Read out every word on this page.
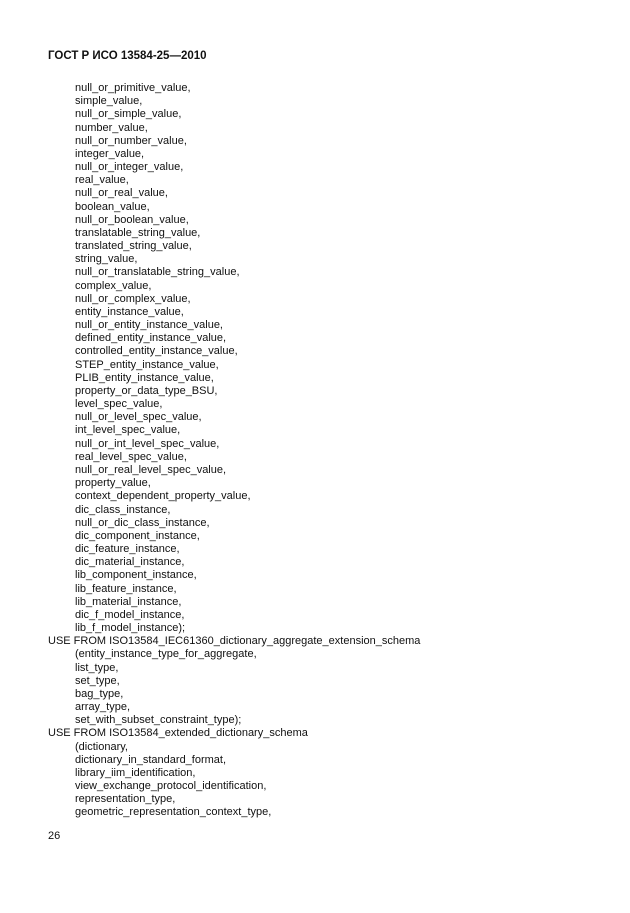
ГОСТ Р ИСО 13584-25—2010
null_or_primitive_value,
simple_value,
null_or_simple_value,
number_value,
null_or_number_value,
integer_value,
null_or_integer_value,
real_value,
null_or_real_value,
boolean_value,
null_or_boolean_value,
translatable_string_value,
translated_string_value,
string_value,
null_or_translatable_string_value,
complex_value,
null_or_complex_value,
entity_instance_value,
null_or_entity_instance_value,
defined_entity_instance_value,
controlled_entity_instance_value,
STEP_entity_instance_value,
PLIB_entity_instance_value,
property_or_data_type_BSU,
level_spec_value,
null_or_level_spec_value,
int_level_spec_value,
null_or_int_level_spec_value,
real_level_spec_value,
null_or_real_level_spec_value,
property_value,
context_dependent_property_value,
dic_class_instance,
null_or_dic_class_instance,
dic_component_instance,
dic_feature_instance,
dic_material_instance,
lib_component_instance,
lib_feature_instance,
lib_material_instance,
dic_f_model_instance,
lib_f_model_instance);
USE FROM ISO13584_IEC61360_dictionary_aggregate_extension_schema
(entity_instance_type_for_aggregate,
list_type,
set_type,
bag_type,
array_type,
set_with_subset_constraint_type);
USE FROM ISO13584_extended_dictionary_schema
(dictionary,
dictionary_in_standard_format,
library_iim_identification,
view_exchange_protocol_identification,
representation_type,
geometric_representation_context_type,
26
